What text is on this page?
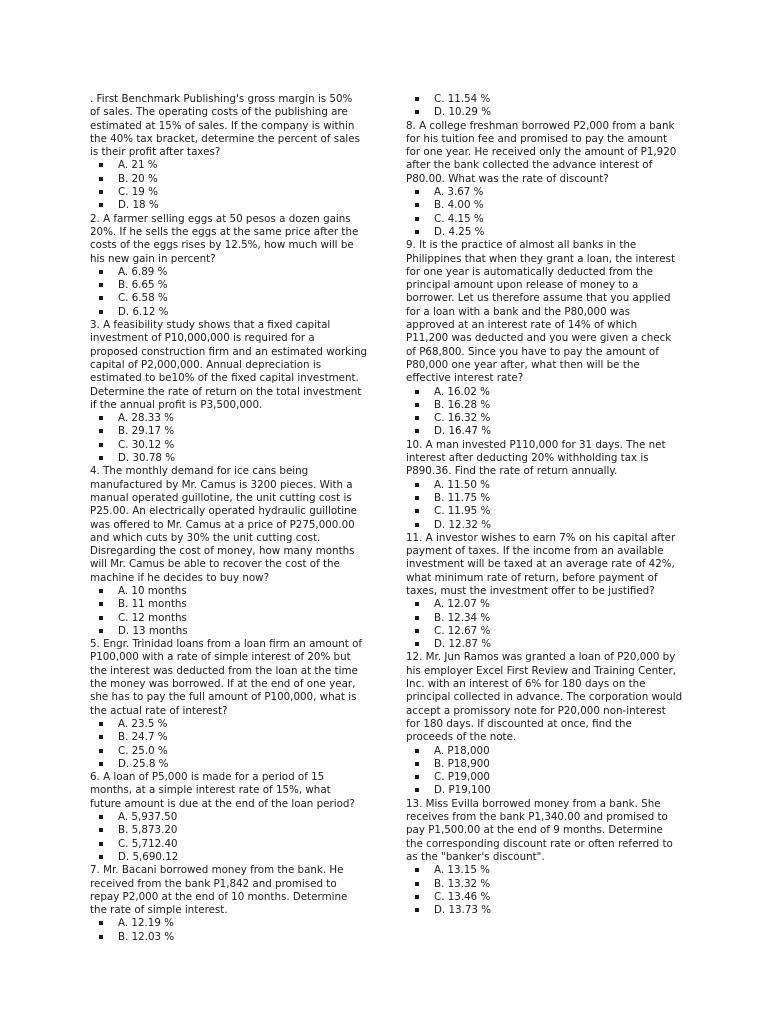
. First Benchmark Publishing's gross margin is 50%
of sales. The operating costs of the publishing are
estimated at 15% of sales. If the company is within
the 40% tax bracket, determine the percent of sales
is their profit after taxes?

A. 21 %
B. 20 %
C. 19 %
D. 18 %

2. A farmer selling eggs at 50 pesos a dozen gains
20%. If he sells the eggs at the same price after the
costs of the eggs rises by 12.5%, how much will be
his new gain in percent?

A. 6.89 %
B. 6.65 %
C. 6.58 %
D. 6.12 %

3. A feasibility study shows that a fixed capital
investment of P10,000,000 is required for a
proposed construction firm and an estimated working
capital of P2,000,000. Annual depreciation is
estimated to be10% of the fixed capital investment.
Determine the rate of return on the total investment
if the annual profit is P3,500,000.

A. 28.33 %
B. 29.17 %
C. 30.12 %
D. 30.78 %

4. The monthly demand for ice cans being
manufactured by Mr. Camus is 3200 pieces. With a
manual operated guillotine, the unit cutting cost is
P25.00. An electrically operated hydraulic guillotine
was offered to Mr. Camus at a price of P275,000.00
and which cuts by 30% the unit cutting cost.
Disregarding the cost of money, how many months
will Mr. Camus be able to recover the cost of the
machine if he decides to buy now?

A. 10 months
B. 11 months
C. 12 months
D. 13 months

5. Engr. Trinidad loans from a loan firm an amount of
P100,000 with a rate of simple interest of 20% but
the interest was deducted from the loan at the time
the money was borrowed. If at the end of one year,
she has to pay the full amount of P100,000, what is
the actual rate of interest?

A. 23.5 %
B. 24.7 %
C. 25.0 %
D. 25.8 %

6. A loan of P5,000 is made for a period of 15
months, at a simple interest rate of 15%, what
future amount is due at the end of the loan period?

A. 5,937.50
B. 5,873.20
C. 5,712.40
D. 5,690.12

7. Mr. Bacani borrowed money from the bank. He
received from the bank P1,842 and promised to
repay P2,000 at the end of 10 months. Determine
the rate of simple interest.

A. 12.19 %
B. 12.03 %
C. 11.54 %
D. 10.29 %

8. A college freshman borrowed P2,000 from a bank
for his tuition fee and promised to pay the amount
for one year. He received only the amount of P1,920
after the bank collected the advance interest of
P80.00. What was the rate of discount?

A. 3.67 %
B. 4.00 %
C. 4.15 %
D. 4.25 %

9. It is the practice of almost all banks in the
Philippines that when they grant a loan, the interest
for one year is automatically deducted from the
principal amount upon release of money to a
borrower. Let us therefore assume that you applied
for a loan with a bank and the P80,000 was
approved at an interest rate of 14% of which
P11,200 was deducted and you were given a check
of P68,800. Since you have to pay the amount of
P80,000 one year after, what then will be the
effective interest rate?

A. 16.02 %
B. 16.28 %
C. 16.32 %
D. 16.47 %

10. A man invested P110,000 for 31 days. The net
interest after deducting 20% withholding tax is
P890.36. Find the rate of return annually.

A. 11.50 %
B. 11.75 %
C. 11.95 %
D. 12.32 %

11. A investor wishes to earn 7% on his capital after
payment of taxes. If the income from an available
investment will be taxed at an average rate of 42%,
what minimum rate of return, before payment of
taxes, must the investment offer to be justified?

A. 12.07 %
B. 12.34 %
C. 12.67 %
D. 12.87 %

12. Mr. Jun Ramos was granted a loan of P20,000 by
his employer Excel First Review and Training Center,
Inc. with an interest of 6% for 180 days on the
principal collected in advance. The corporation would
accept a promissory note for P20,000 non-interest
for 180 days. If discounted at once, find the
proceeds of the note.

A. P18,000
B. P18,900
C. P19,000
D. P19,100

13. Miss Evilla borrowed money from a bank. She
receives from the bank P1,340.00 and promised to
pay P1,500.00 at the end of 9 months. Determine
the corresponding discount rate or often referred to
as the "banker's discount".

A. 13.15 %
B. 13.32 %
C. 13.46 %
D. 13.73 %
